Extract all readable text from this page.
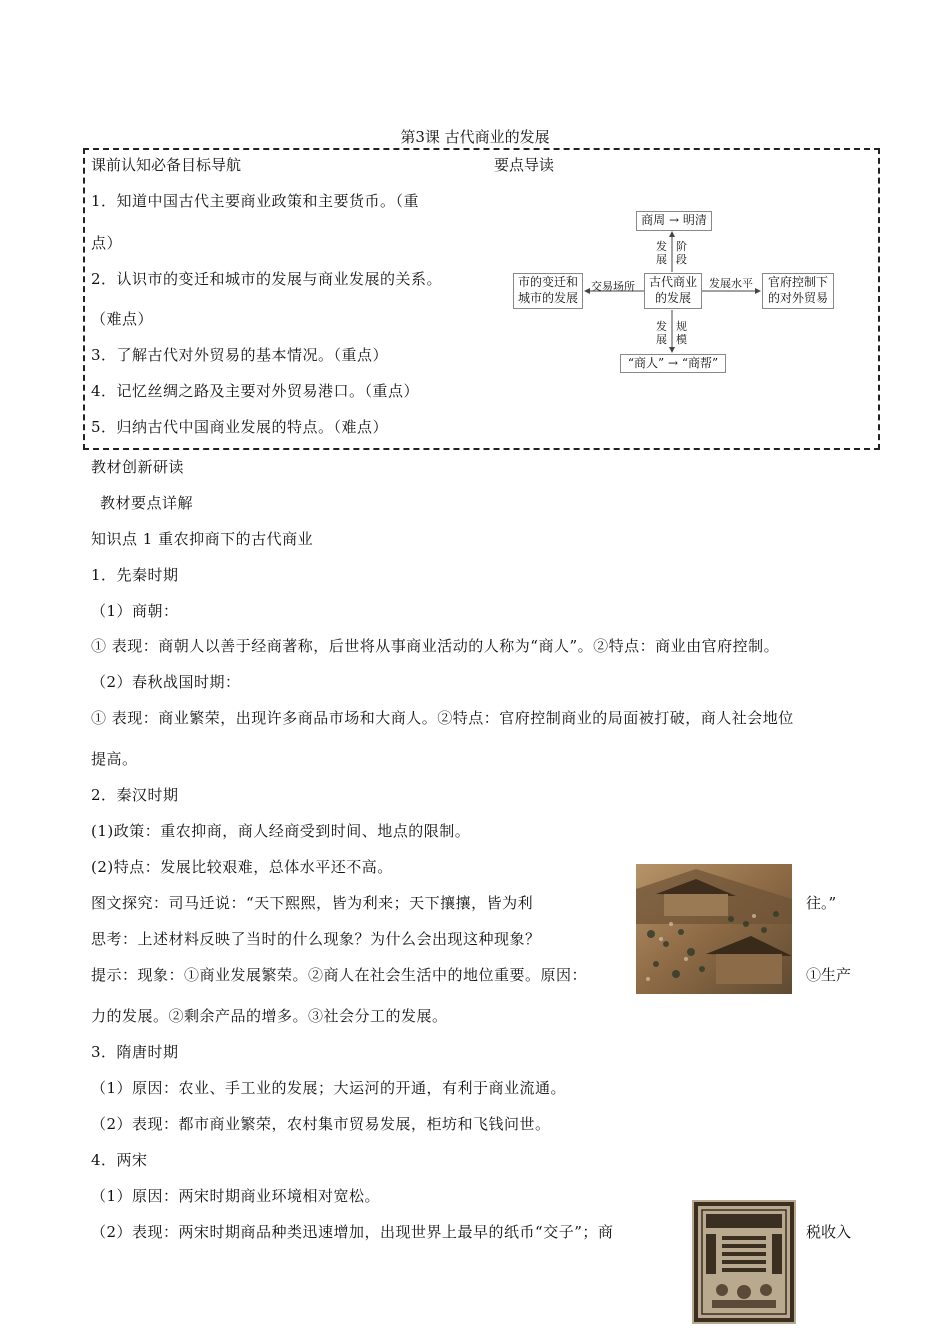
第3课 古代商业的发展
课前认知必备目标导航	要点导读
1．知道中国古代主要商业政策和主要货币。（重
点）
2．认识市的变迁和城市的发展与商业发展的关系。
（难点）
3．了解古代对外贸易的基本情况。（重点）
4．记忆丝绸之路及主要对外贸易港口。（重点）
5．归纳古代中国商业发展的特点。（难点）
商周 → 明清
古代商业
的发展
市的变迁和
城市的发展
官府控制下
的对外贸易
“商人” → “商帮”
发展
阶段
发展
规模
交易场所	发展水平
教材创新研读
教材要点详解
知识点 1 重农抑商下的古代商业
1．先秦时期
（1）商朝：
① 表现：商朝人以善于经商著称，后世将从事商业活动的人称为“商人”。②特点：商业由官府控制。
（2）春秋战国时期：
① 表现：商业繁荣，出现许多商品市场和大商人。②特点：官府控制商业的局面被打破，商人社会地位
提高。
2．秦汉时期
(1)政策：重农抑商，商人经商受到时间、地点的限制。
(2)特点：发展比较艰难，总体水平还不高。
图文探究：司马迁说：“天下熙熙，皆为利来；天下攘攘，皆为利	往。”
思考：上述材料反映了当时的什么现象？为什么会出现这种现象？
提示：现象：①商业发展繁荣。②商人在社会生活中的地位重要。原因：	①生产
力的发展。②剩余产品的增多。③社会分工的发展。
3．隋唐时期
（1）原因：农业、手工业的发展；大运河的开通，有利于商业流通。
（2）表现：都市商业繁荣，农村集市贸易发展，柜坊和飞钱问世。
4．两宋
（1）原因：两宋时期商业环境相对宽松。
（2）表现：两宋时期商品种类迅速增加，出现世界上最早的纸币“交子”；商	税收入
